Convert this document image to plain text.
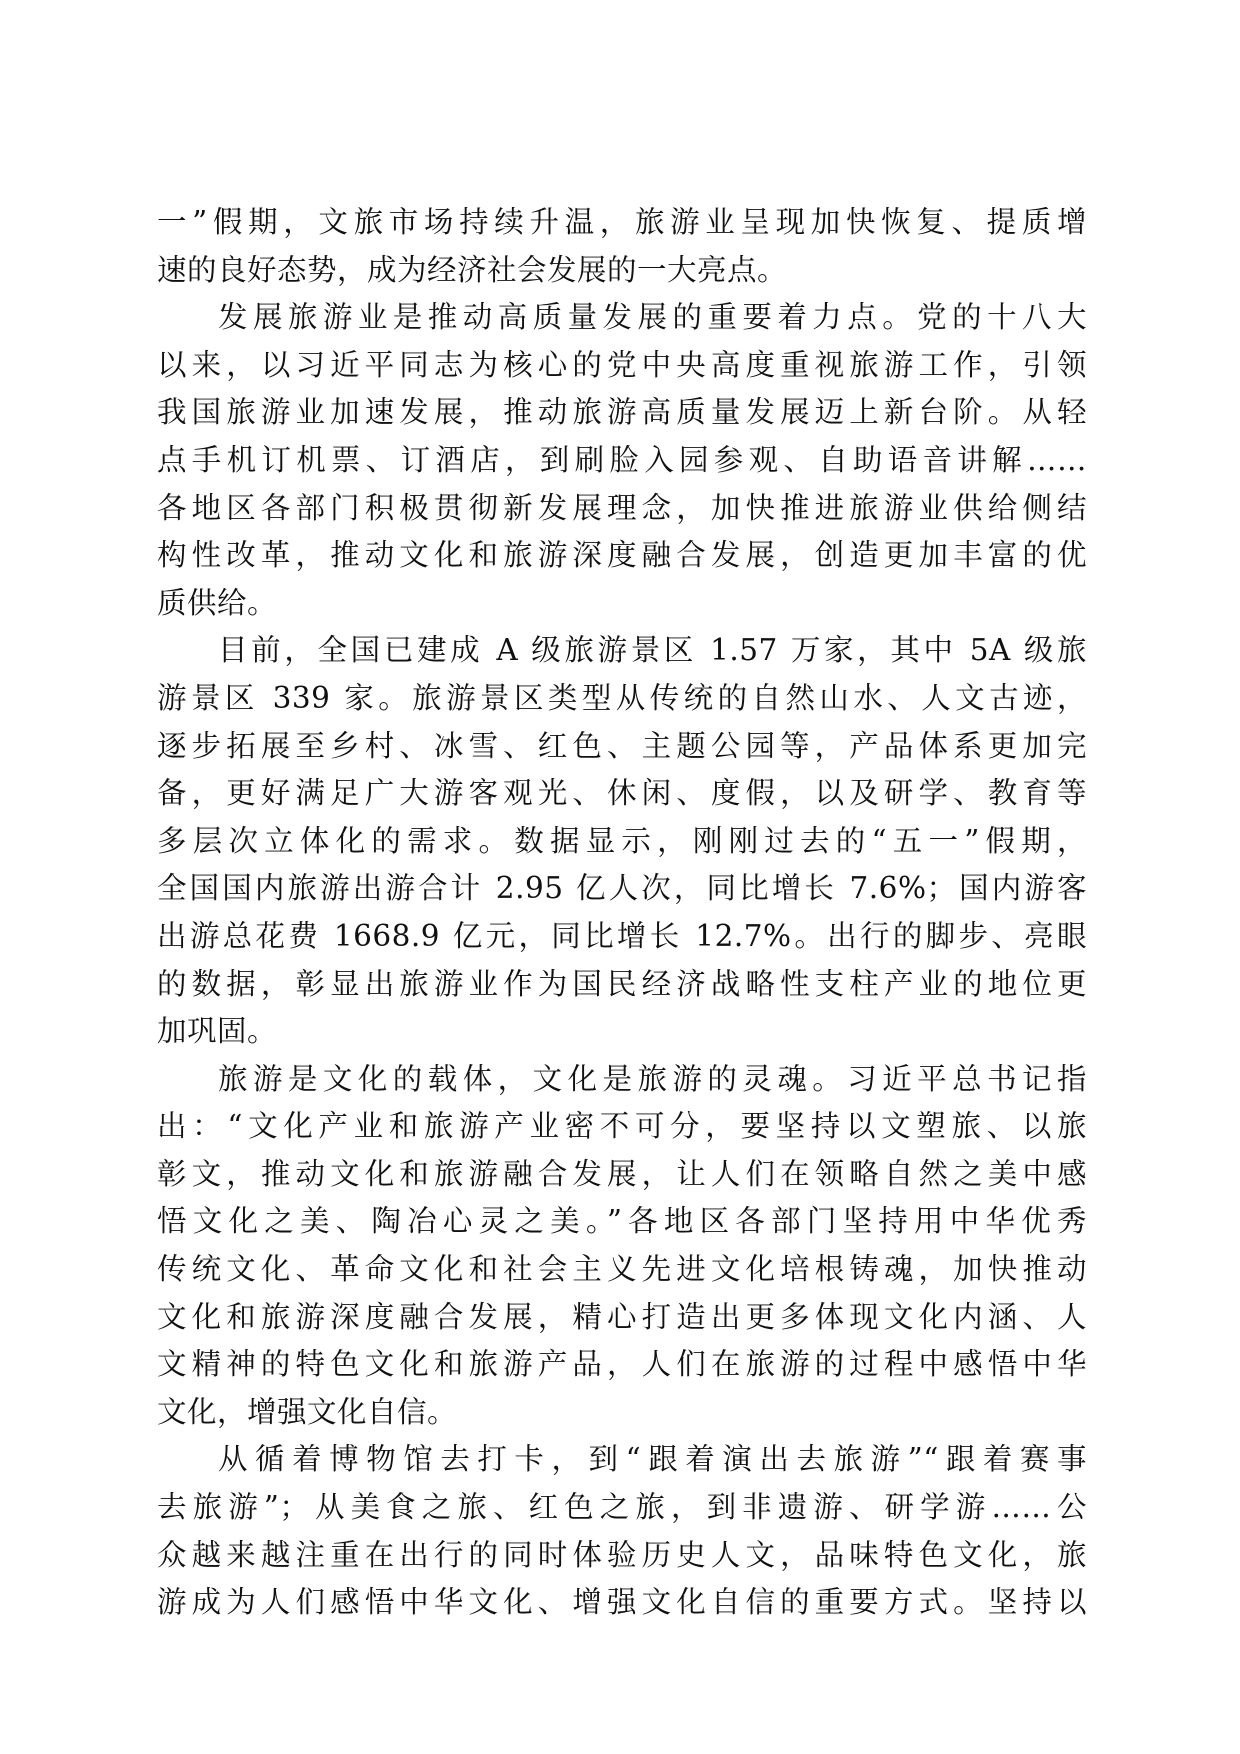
一”假期，文旅市场持续升温，旅游业呈现加快恢复、提质增
速的良好态势，成为经济社会发展的一大亮点。
发展旅游业是推动高质量发展的重要着力点。党的十八大
以来，以习近平同志为核心的党中央高度重视旅游工作，引领
我国旅游业加速发展，推动旅游高质量发展迈上新台阶。从轻
点手机订机票、订酒店，到刷脸入园参观、自助语音讲解……
各地区各部门积极贯彻新发展理念，加快推进旅游业供给侧结
构性改革，推动文化和旅游深度融合发展，创造更加丰富的优
质供给。
目前，全国已建成 A 级旅游景区 1.57 万家，其中 5A 级旅
游景区 339 家。旅游景区类型从传统的自然山水、人文古迹，
逐步拓展至乡村、冰雪、红色、主题公园等，产品体系更加完
备，更好满足广大游客观光、休闲、度假，以及研学、教育等
多层次立体化的需求。数据显示，刚刚过去的“五一”假期，
全国国内旅游出游合计 2.95 亿人次，同比增长 7.6%；国内游客
出游总花费 1668.9 亿元，同比增长 12.7%。出行的脚步、亮眼
的数据，彰显出旅游业作为国民经济战略性支柱产业的地位更
加巩固。
旅游是文化的载体，文化是旅游的灵魂。习近平总书记指
出：“文化产业和旅游产业密不可分，要坚持以文塑旅、以旅
彰文，推动文化和旅游融合发展，让人们在领略自然之美中感
悟文化之美、陶冶心灵之美。”各地区各部门坚持用中华优秀
传统文化、革命文化和社会主义先进文化培根铸魂，加快推动
文化和旅游深度融合发展，精心打造出更多体现文化内涵、人
文精神的特色文化和旅游产品，人们在旅游的过程中感悟中华
文化，增强文化自信。
从循着博物馆去打卡，到“跟着演出去旅游”“跟着赛事
去旅游”；从美食之旅、红色之旅，到非遗游、研学游……公
众越来越注重在出行的同时体验历史人文，品味特色文化，旅
游成为人们感悟中华文化、增强文化自信的重要方式。坚持以
